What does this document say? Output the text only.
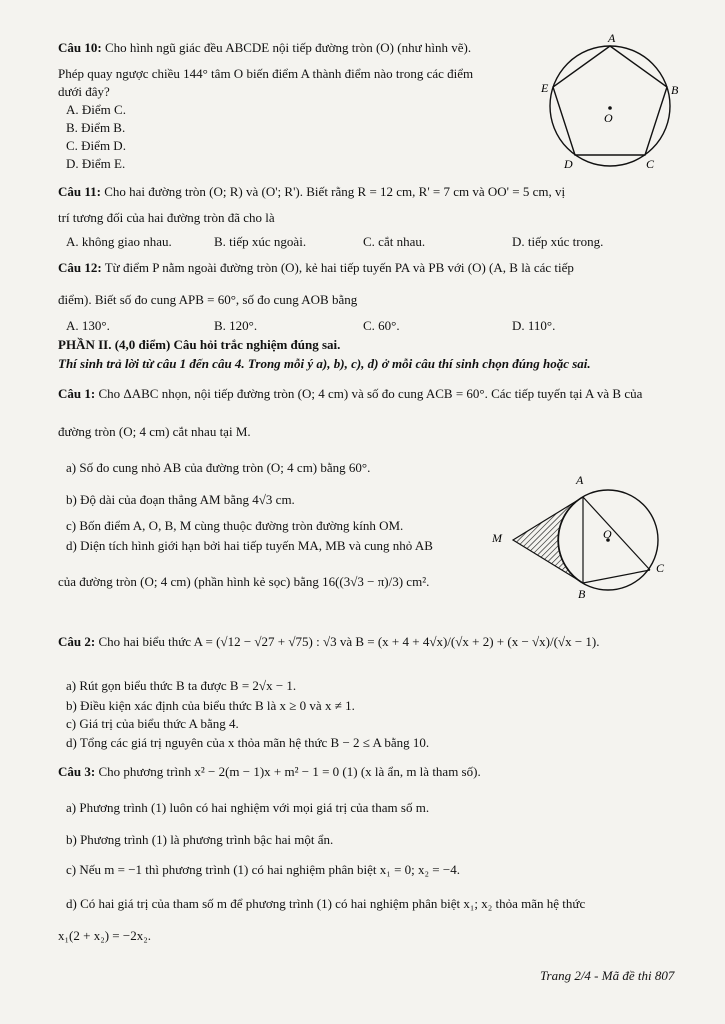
Câu 10: Cho hình ngũ giác đều ABCDE nội tiếp đường tròn (O) (như hình vẽ).
Phép quay ngược chiều 144° tâm O biến điểm A thành điểm nào trong các điểm
dưới đây?
A. Điểm C.
B. Điểm B.
C. Điểm D.
D. Điểm E.
A
B
C
D
E
O
Câu 11: Cho hai đường tròn (O; R) và (O'; R'). Biết rằng R = 12 cm, R' = 7 cm và OO' = 5 cm, vị
trí tương đối của hai đường tròn đã cho là
A. không giao nhau.	B. tiếp xúc ngoài.	C. cắt nhau.	D. tiếp xúc trong.
Câu 12: Từ điểm P nằm ngoài đường tròn (O), kẻ hai tiếp tuyến PA và PB với (O) (A, B là các tiếp
điểm). Biết số đo cung APB = 60°, số đo cung AOB bằng
A. 130°.	B. 120°.	C. 60°.	D. 110°.
PHẦN II. (4,0 điểm) Câu hỏi trắc nghiệm đúng sai.
Thí sinh trả lời từ câu 1 đến câu 4. Trong mỗi ý a), b), c), d) ở mỗi câu thí sinh chọn đúng hoặc sai.
Câu 1: Cho ΔABC nhọn, nội tiếp đường tròn (O; 4 cm) và số đo cung ACB = 60°. Các tiếp tuyến tại A và B của
đường tròn (O; 4 cm) cắt nhau tại M.
a) Số đo cung nhỏ AB của đường tròn (O; 4 cm) bằng 60°.
b) Độ dài của đoạn thẳng AM bằng 4√3 cm.
c) Bốn điểm A, O, B, M cùng thuộc đường tròn đường kính OM.
d) Diện tích hình giới hạn bởi hai tiếp tuyến MA, MB và cung nhỏ AB
của đường tròn (O; 4 cm) (phần hình kẻ sọc) bằng 16((3√3 − π)/3) cm².
A
B
C
M	O
Câu 2: Cho hai biểu thức A = (√12 − √27 + √75) : √3 và B = (x + 4 + 4√x)/(√x + 2) + (x − √x)/(√x − 1).
a) Rút gọn biểu thức B ta được B = 2√x − 1.
b) Điều kiện xác định của biểu thức B là x ≥ 0 và x ≠ 1.
c) Giá trị của biểu thức A bằng 4.
d) Tổng các giá trị nguyên của x thỏa mãn hệ thức B − 2 ≤ A bằng 10.
Câu 3: Cho phương trình x² − 2(m − 1)x + m² − 1 = 0 (1) (x là ẩn, m là tham số).
a) Phương trình (1) luôn có hai nghiệm với mọi giá trị của tham số m.
b) Phương trình (1) là phương trình bậc hai một ẩn.
c) Nếu m = −1 thì phương trình (1) có hai nghiệm phân biệt x₁ = 0; x₂ = −4.
d) Có hai giá trị của tham số m để phương trình (1) có hai nghiệm phân biệt x₁; x₂ thỏa mãn hệ thức
x₁(2 + x₂) = −2x₂.
Trang 2/4 - Mã đề thi 807
